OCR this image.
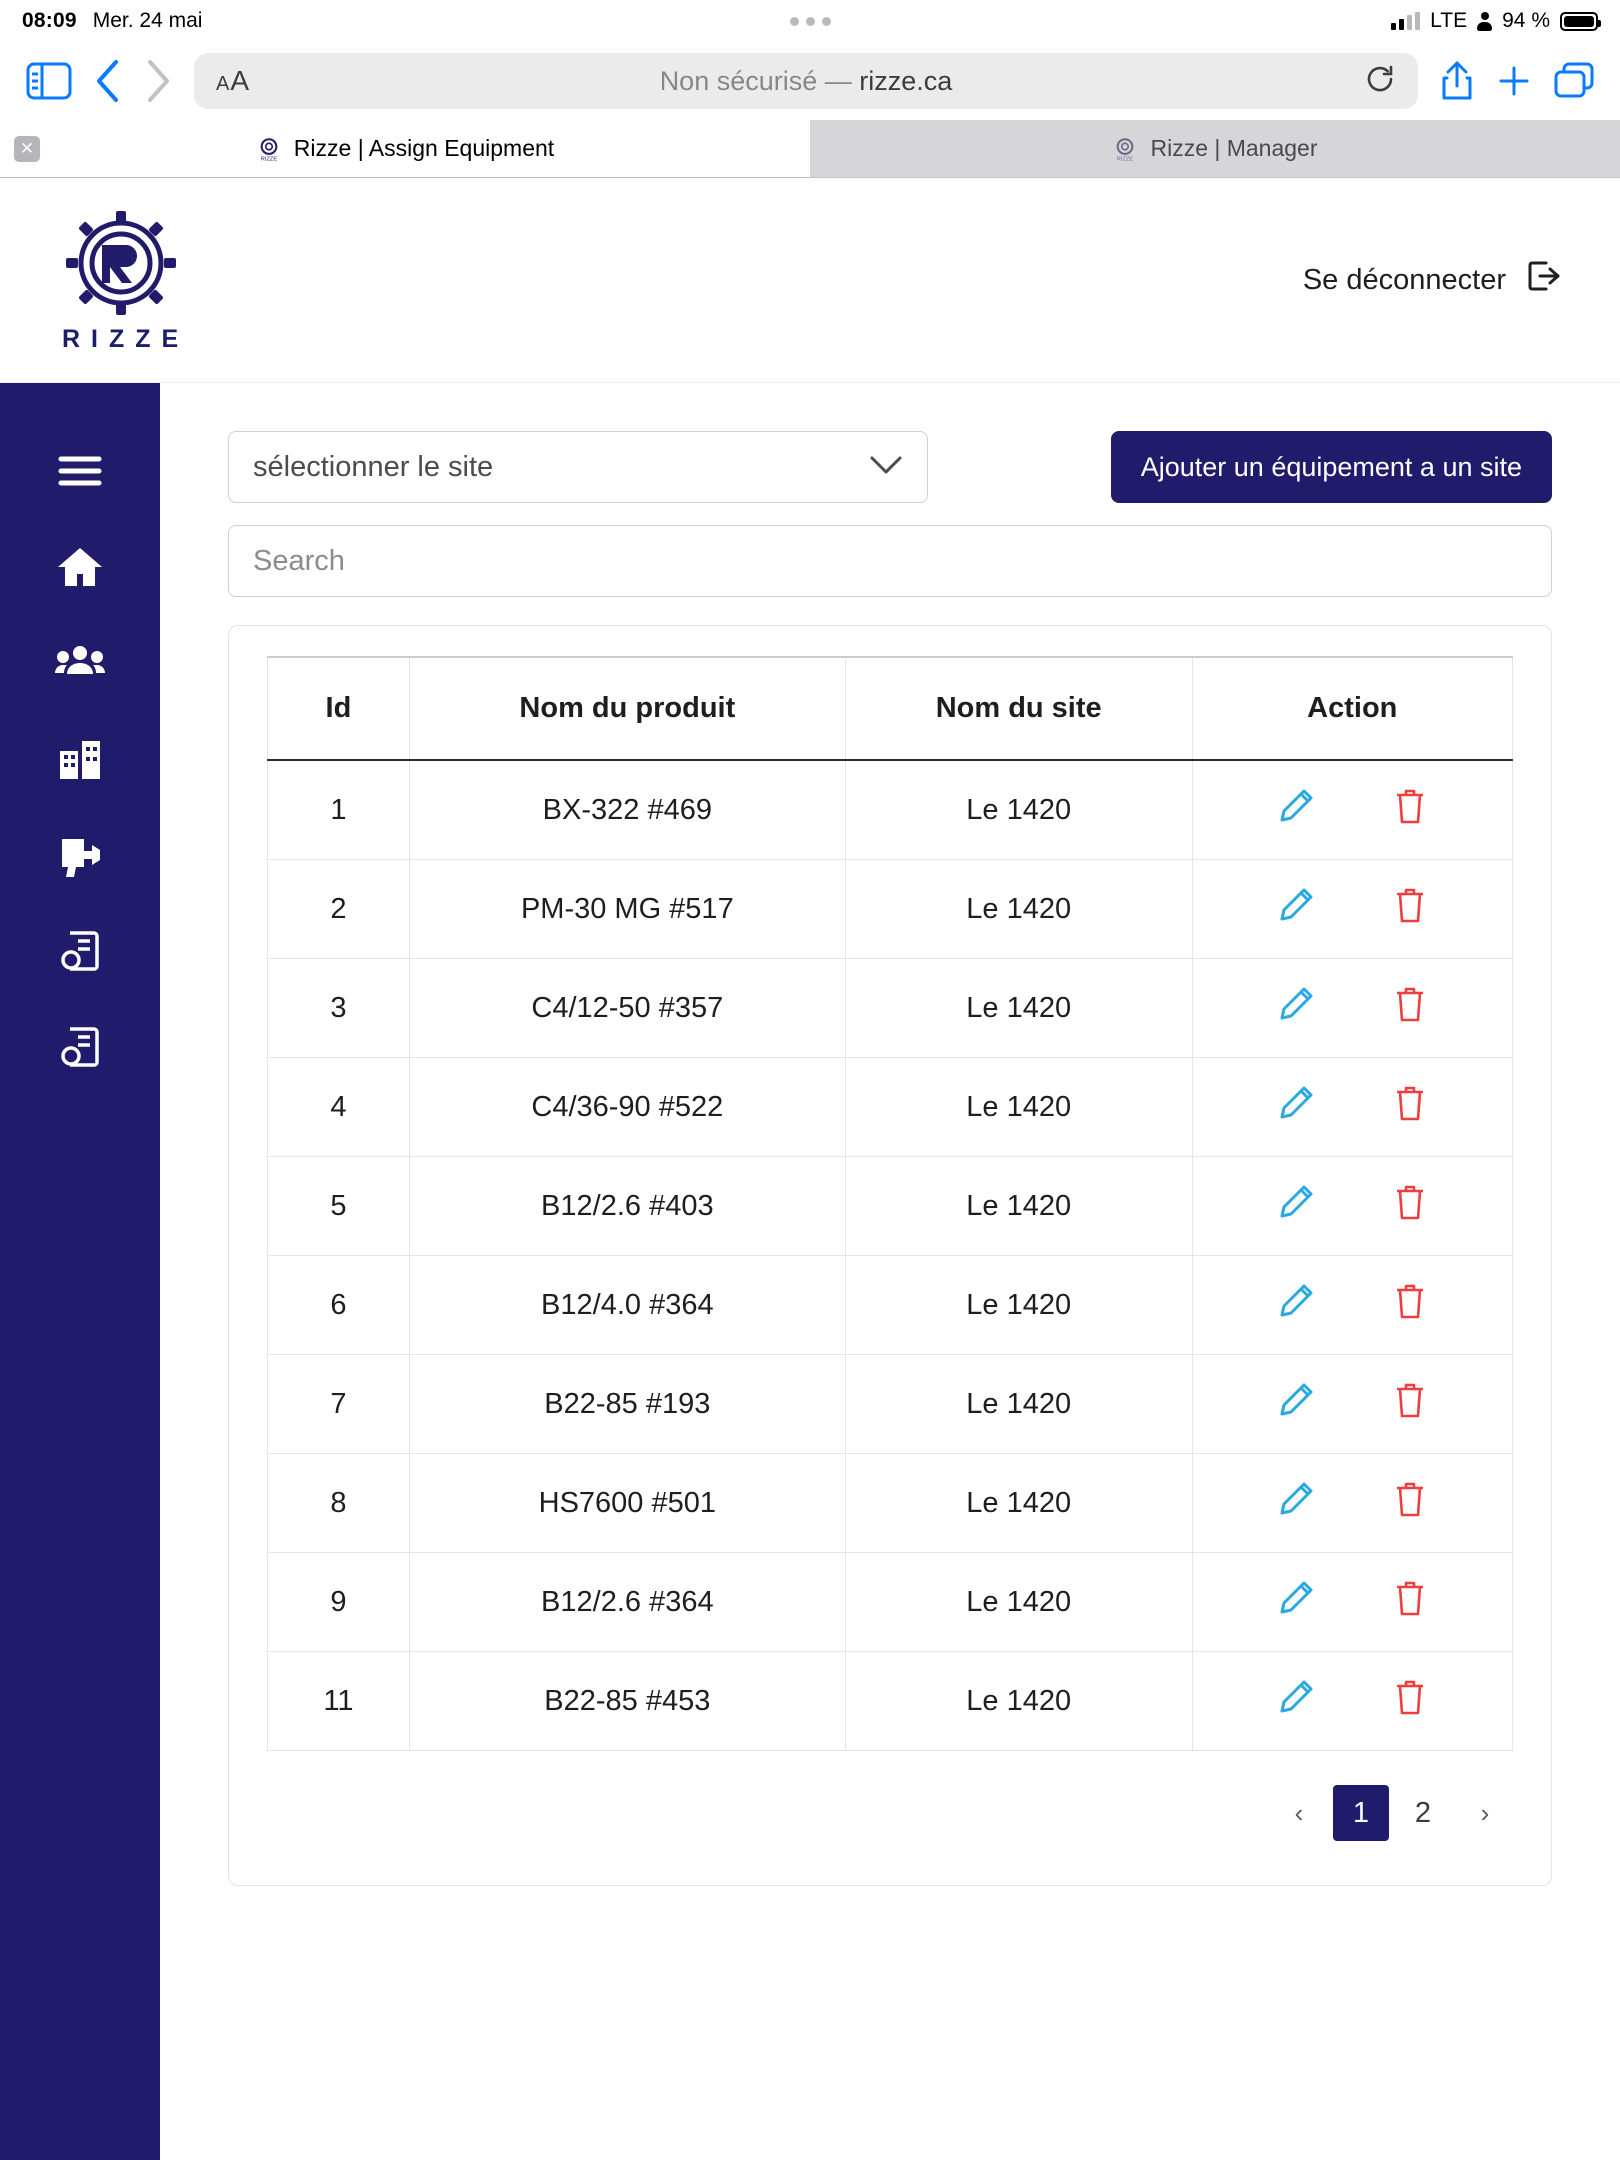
08:09 Mer. 24 mai	LTE 94 %
A A	Non sécurisé — rizze.ca
✕
RIZZE Rizze | Assign Equipment	RIZZE Rizze | Manager
RIZZE
Se déconnecter
sélectionner le site	Ajouter un équipement a un site
Search
Id	Nom du produit	Nom du site	Action
1	BX-322 #469	Le 1420	

2	PM-30 MG #517	Le 1420	

3	C4/12-50 #357	Le 1420	

4	C4/36-90 #522	Le 1420	

5	B12/2.6 #403	Le 1420	

6	B12/4.0 #364	Le 1420	

7	B22-85 #193	Le 1420	

8	HS7600 #501	Le 1420	

9	B12/2.6 #364	Le 1420	

11	B22-85 #453	Le 1420	
‹	1	2	›
